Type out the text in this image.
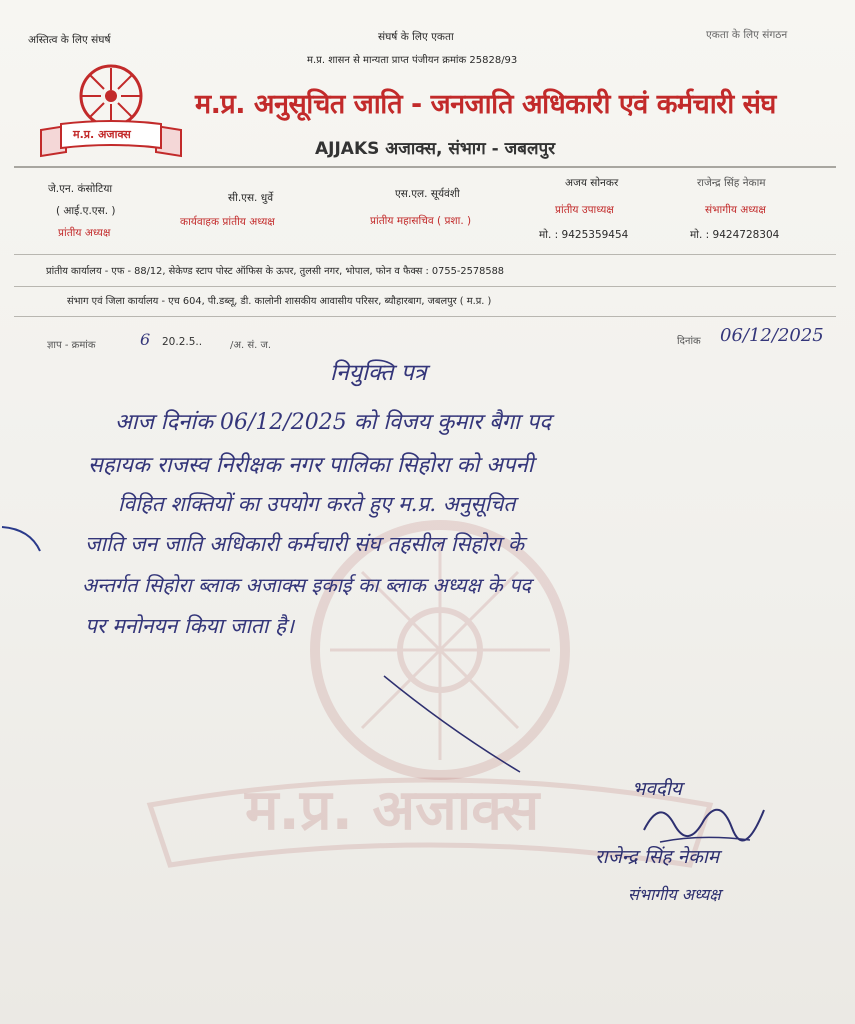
म.प्र. अजाक्स
अस्तित्व के लिए संघर्ष	संघर्ष के लिए एकता	एकता के लिए संगठन
म.प्र. शासन से मान्यता प्राप्त पंजीयन क्रमांक 25828/93
म.प्र. अजाक्स
म.प्र. अनुसूचित जाति - जनजाति अधिकारी एवं कर्मचारी संघ
AJJAKS अजाक्स, संभाग - जबलपुर
जे.एन. कंसोटिया
( आई.ए.एस. )
प्रांतीय अध्यक्ष
सी.एस. धुर्वे
कार्यवाहक प्रांतीय अध्यक्ष
एस.एल. सूर्यवंशी
प्रांतीय महासचिव ( प्रशा. )
अजय सोनकर
प्रांतीय उपाध्यक्ष
मो. : 9425359454
राजेन्द्र सिंह नेकाम
संभागीय अध्यक्ष
मो. : 9424728304
प्रांतीय कार्यालय - एफ - 88/12, सेकेण्ड स्टाप पोस्ट ऑफिस के ऊपर, तुलसी नगर, भोपाल, फोन व फैक्स : 0755-2578588
संभाग एवं जिला कार्यालय - एच 604, पी.डब्लू, डी. कालोनी शासकीय आवासीय परिसर, ब्यौहारबाग, जबलपुर ( म.प्र. )
ज्ञाप - क्रमांक	6 20.2.5..	/अ. सं. ज.	दिनांक 06/12/2025
नियुक्ति पत्र
आज दिनांक 06/12/2025 को विजय कुमार बैगा पद
सहायक राजस्व निरीक्षक नगर पालिका सिहोरा को अपनी
विहित शक्तियों का उपयोग करते हुए म.प्र. अनुसूचित
जाति जन जाति अधिकारी कर्मचारी संघ तहसील सिहोरा के
अन्तर्गत सिहोरा ब्लाक अजाक्स इकाई का ब्लाक अध्यक्ष के पद
पर मनोनयन किया जाता है।
भवदीय
राजेन्द्र सिंह नेकाम
संभागीय अध्यक्ष
